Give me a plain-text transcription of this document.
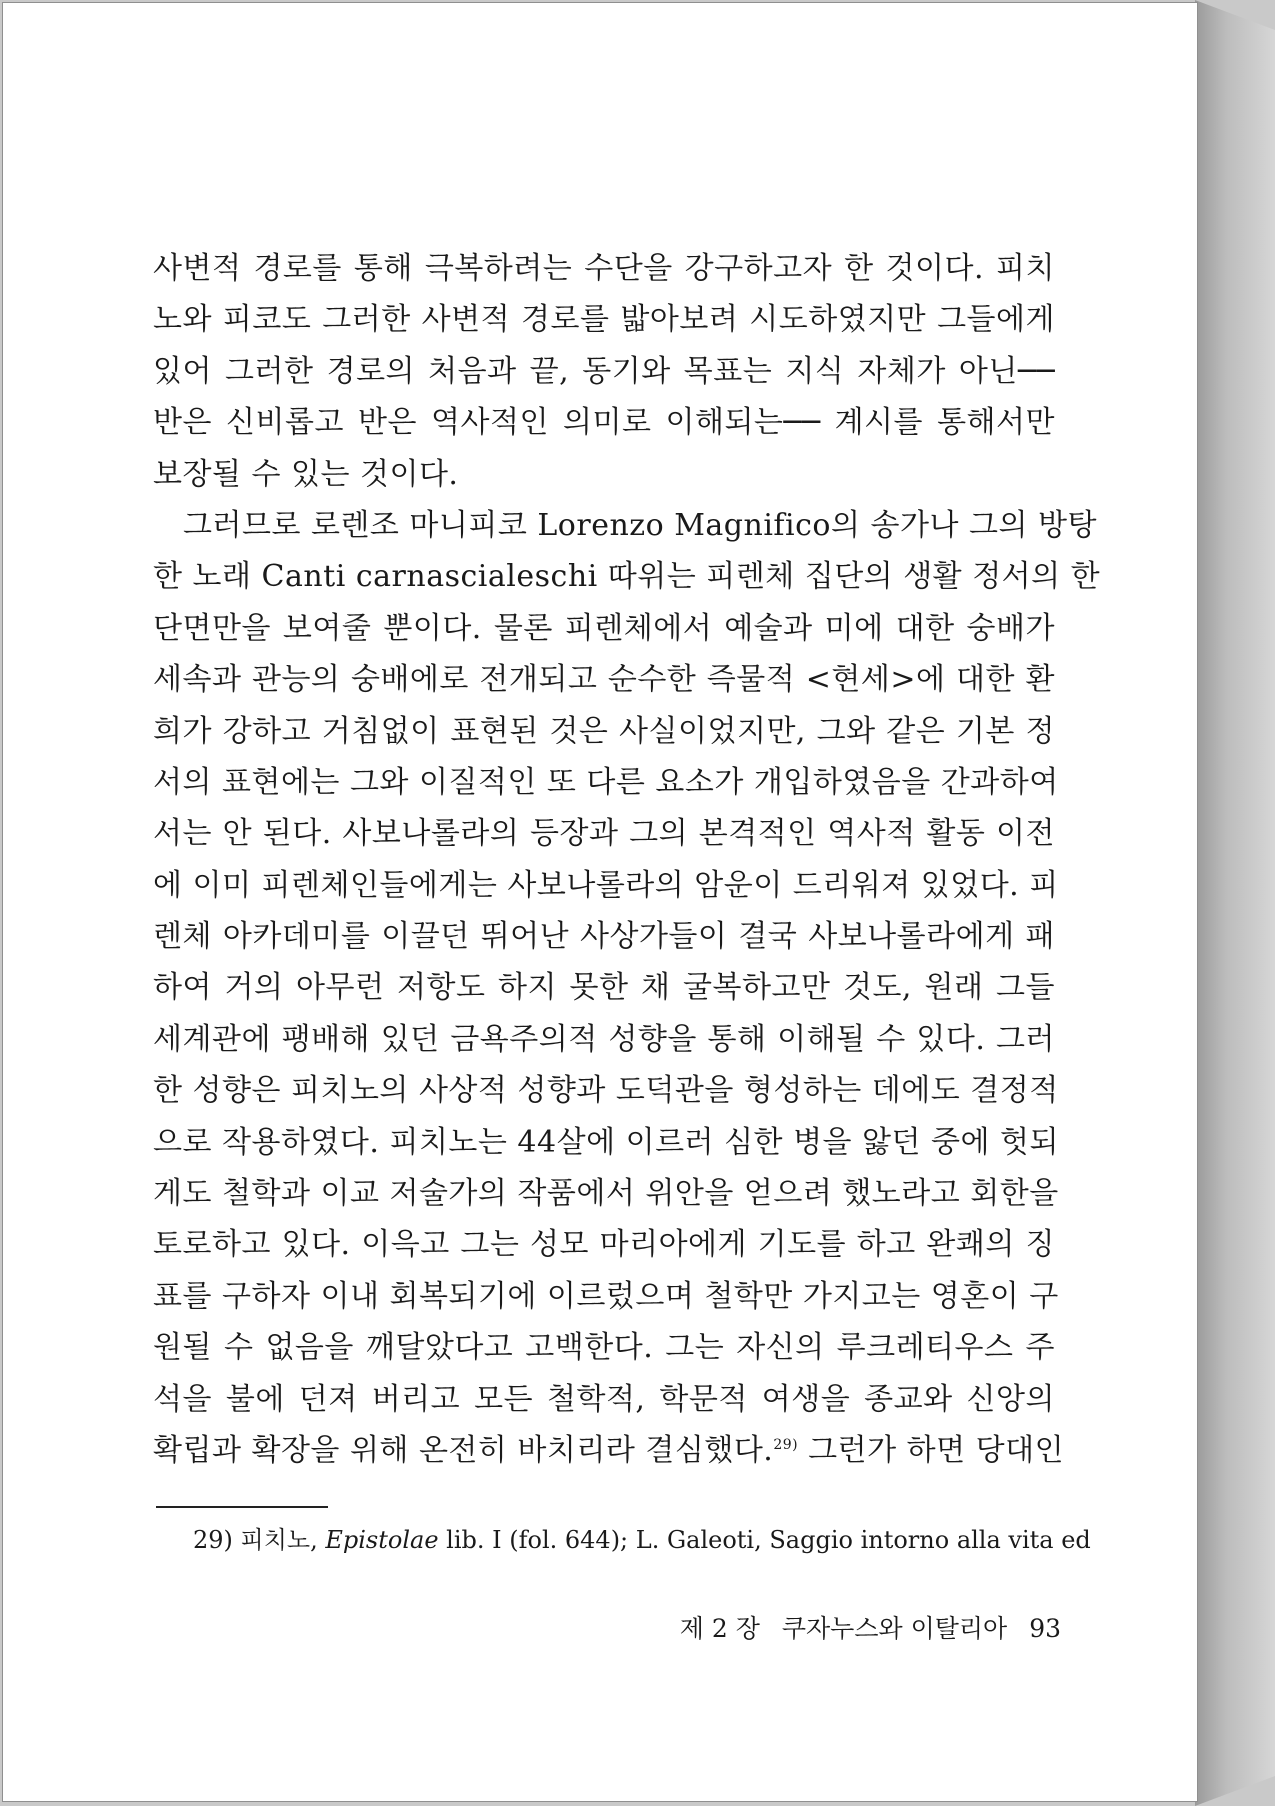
사변적 경로를 통해 극복하려는 수단을 강구하고자 한 것이다. 피치
노와 피코도 그러한 사변적 경로를 밟아보려 시도하였지만 그들에게
있어 그러한 경로의 처음과 끝, 동기와 목표는 지식 자체가 아닌──
반은 신비롭고 반은 역사적인 의미로 이해되는── 계시를 통해서만
보장될 수 있는 것이다.
그러므로 로렌조 마니피코 Lorenzo Magnifico의 송가나 그의 방탕
한 노래 Canti carnascialeschi 따위는 피렌체 집단의 생활 정서의 한
단면만을 보여줄 뿐이다. 물론 피렌체에서 예술과 미에 대한 숭배가
세속과 관능의 숭배에로 전개되고 순수한 즉물적 <현세>에 대한 환
희가 강하고 거침없이 표현된 것은 사실이었지만, 그와 같은 기본 정
서의 표현에는 그와 이질적인 또 다른 요소가 개입하였음을 간과하여
서는 안 된다. 사보나롤라의 등장과 그의 본격적인 역사적 활동 이전
에 이미 피렌체인들에게는 사보나롤라의 암운이 드리워져 있었다. 피
렌체 아카데미를 이끌던 뛰어난 사상가들이 결국 사보나롤라에게 패
하여 거의 아무런 저항도 하지 못한 채 굴복하고만 것도, 원래 그들
세계관에 팽배해 있던 금욕주의적 성향을 통해 이해될 수 있다. 그러
한 성향은 피치노의 사상적 성향과 도덕관을 형성하는 데에도 결정적
으로 작용하였다. 피치노는 44살에 이르러 심한 병을 앓던 중에 헛되
게도 철학과 이교 저술가의 작품에서 위안을 얻으려 했노라고 회한을
토로하고 있다. 이윽고 그는 성모 마리아에게 기도를 하고 완쾌의 징
표를 구하자 이내 회복되기에 이르렀으며 철학만 가지고는 영혼이 구
원될 수 없음을 깨달았다고 고백한다. 그는 자신의 루크레티우스 주
석을 불에 던져 버리고 모든 철학적, 학문적 여생을 종교와 신앙의
확립과 확장을 위해 온전히 바치리라 결심했다.$^{29)}$ 그런가 하면 당대인
29) 피치노, Epistolae lib. I (fol. 644); L. Galeoti, Saggio intorno alla vita ed
제 2 장 쿠자누스와 이탈리아 93
